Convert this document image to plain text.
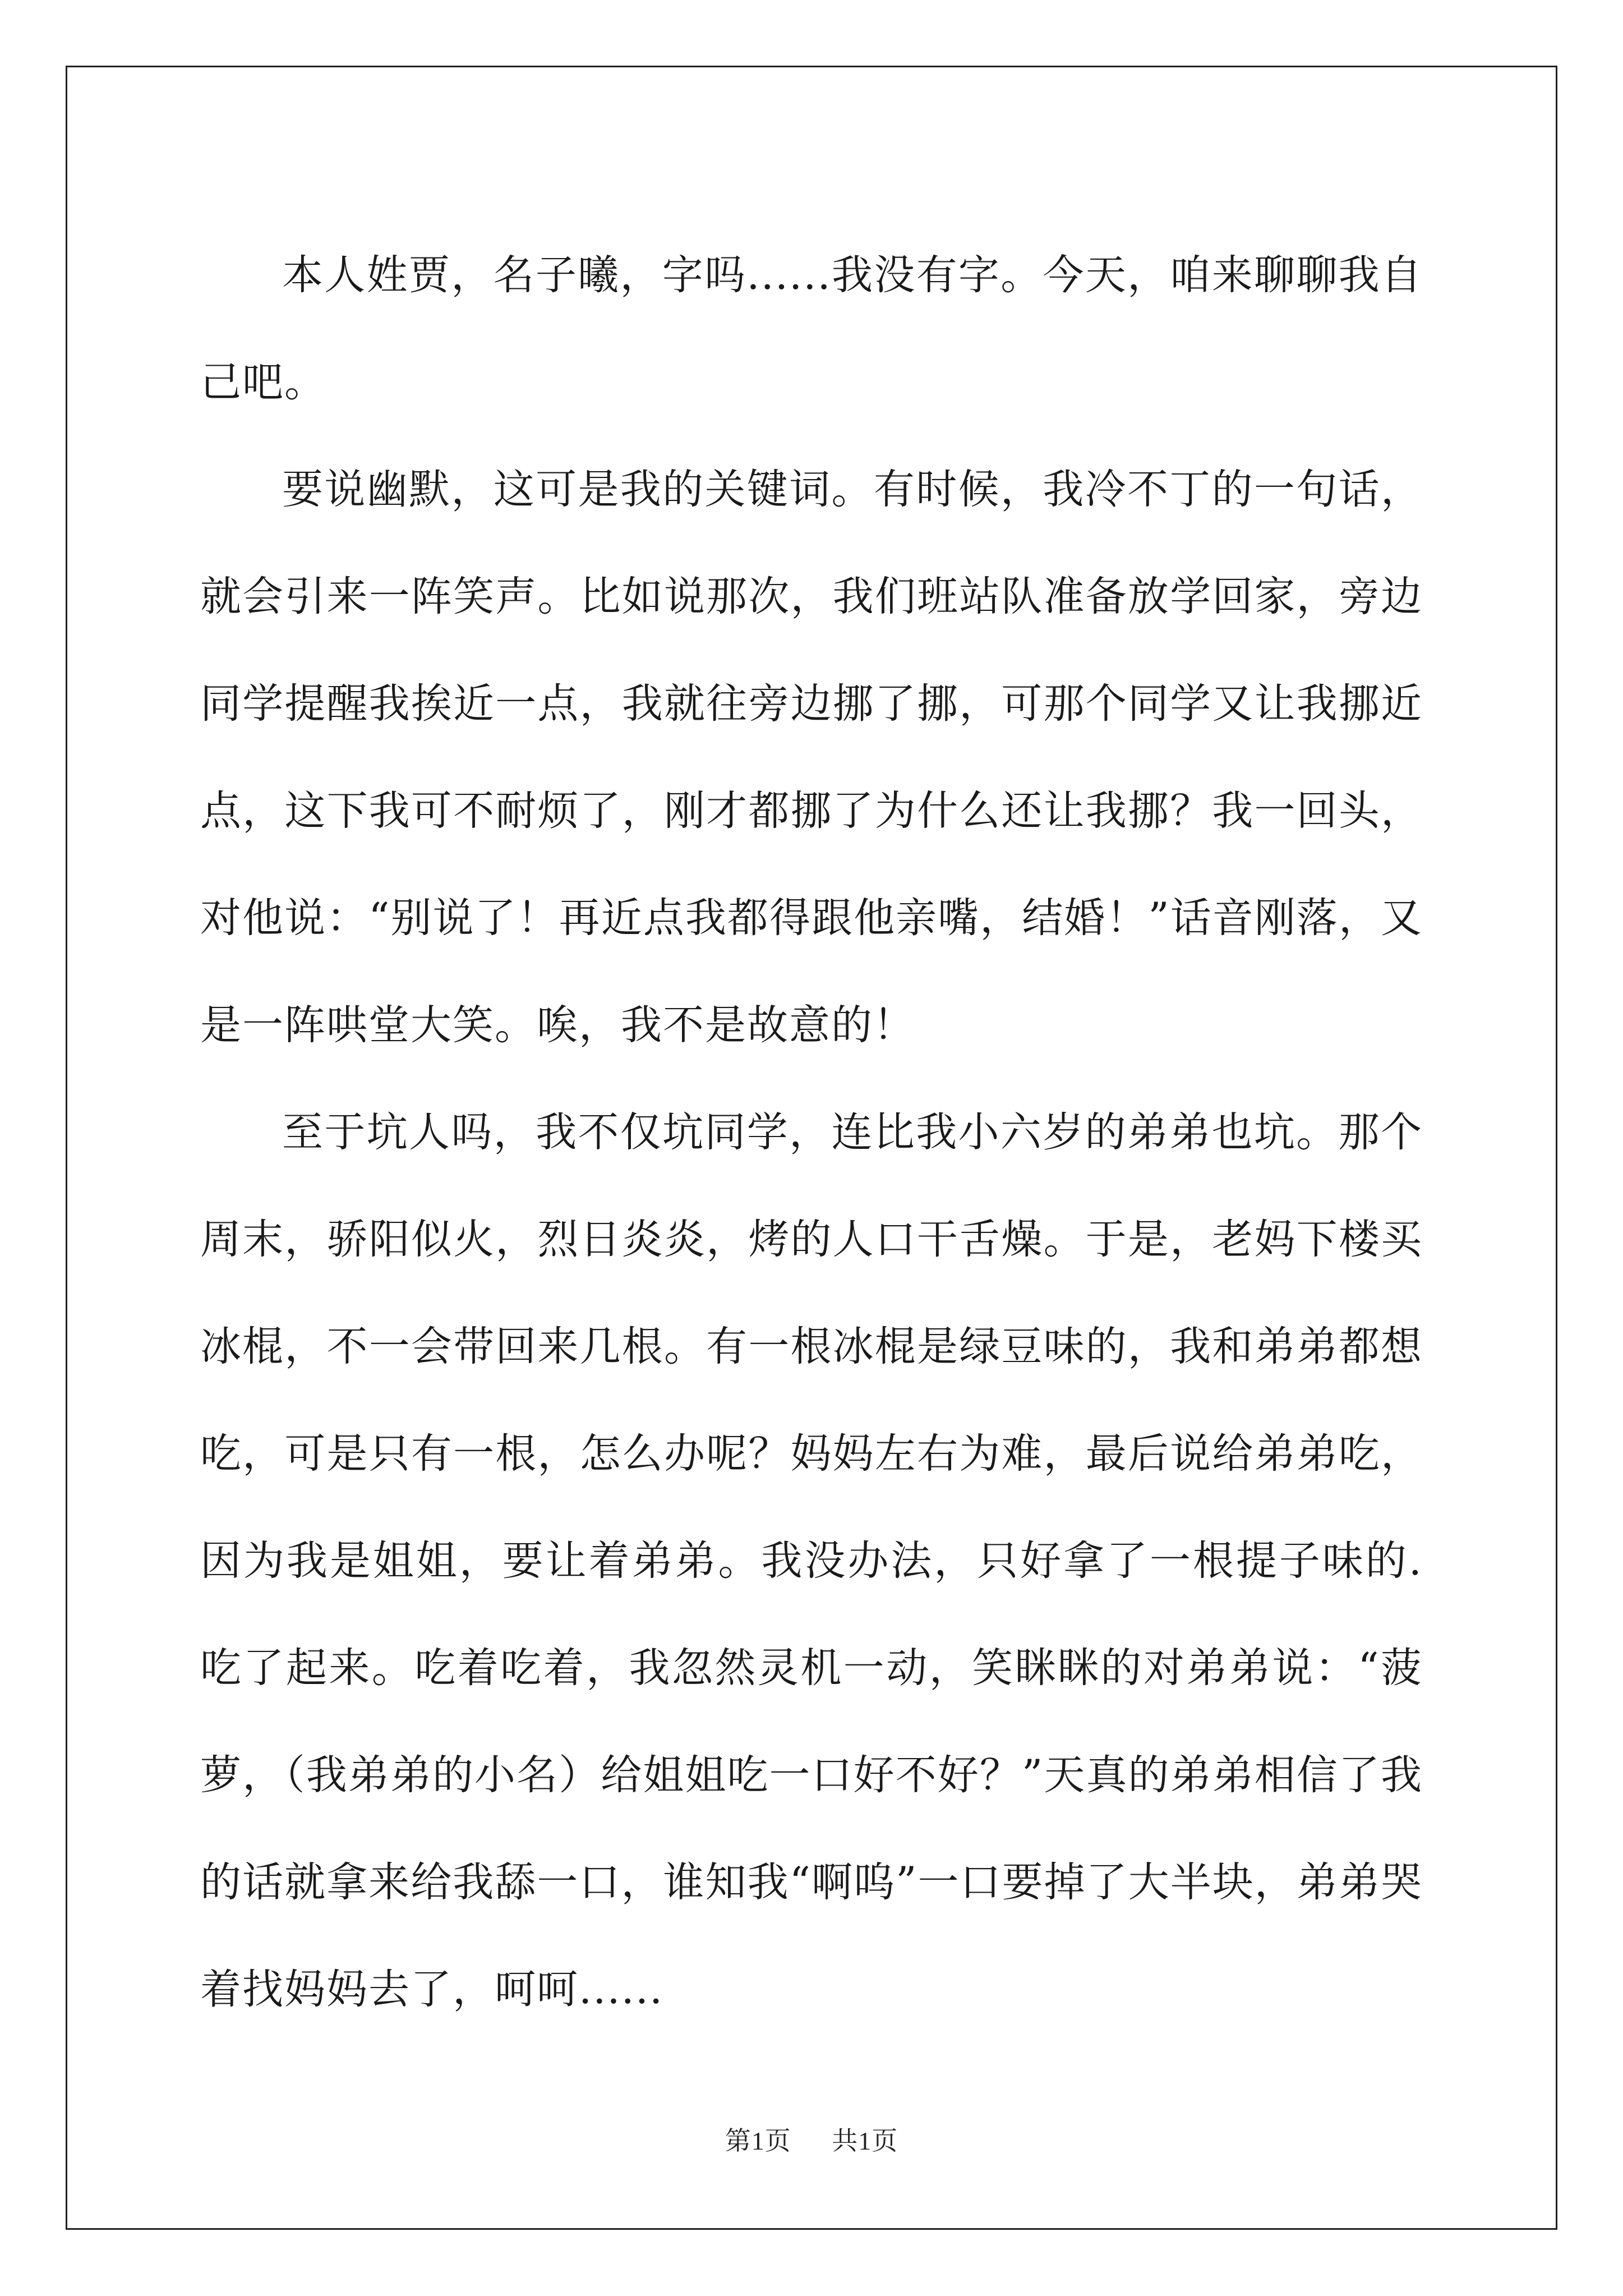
本人姓贾，名子曦，字吗......我没有字。今天，咱来聊聊我自己吧。

要说幽默，这可是我的关键词。有时候，我冷不丁的一句话，就会引来一阵笑声。比如说那次，我们班站队准备放学回家，旁边同学提醒我挨近一点，我就往旁边挪了挪，可那个同学又让我挪近点，这下我可不耐烦了，刚才都挪了为什么还让我挪？我一回头，对他说：“别说了！再近点我都得跟他亲嘴，结婚！”话音刚落，又是一阵哄堂大笑。唉，我不是故意的！

至于坑人吗，我不仅坑同学，连比我小六岁的弟弟也坑。那个周末，骄阳似火，烈日炎炎，烤的人口干舌燥。于是，老妈下楼买冰棍，不一会带回来几根。有一根冰棍是绿豆味的，我和弟弟都想吃，可是只有一根，怎么办呢？妈妈左右为难，最后说给弟弟吃，因为我是姐姐，要让着弟弟。我没办法，只好拿了一根提子味的.吃了起来。吃着吃着，我忽然灵机一动，笑眯眯的对弟弟说：“菠萝，（我弟弟的小名）给姐姐吃一口好不好？”天真的弟弟相信了我的话就拿来给我舔一口，谁知我“啊呜”一口要掉了大半块，弟弟哭着找妈妈去了，呵呵......

第1页 共1页
